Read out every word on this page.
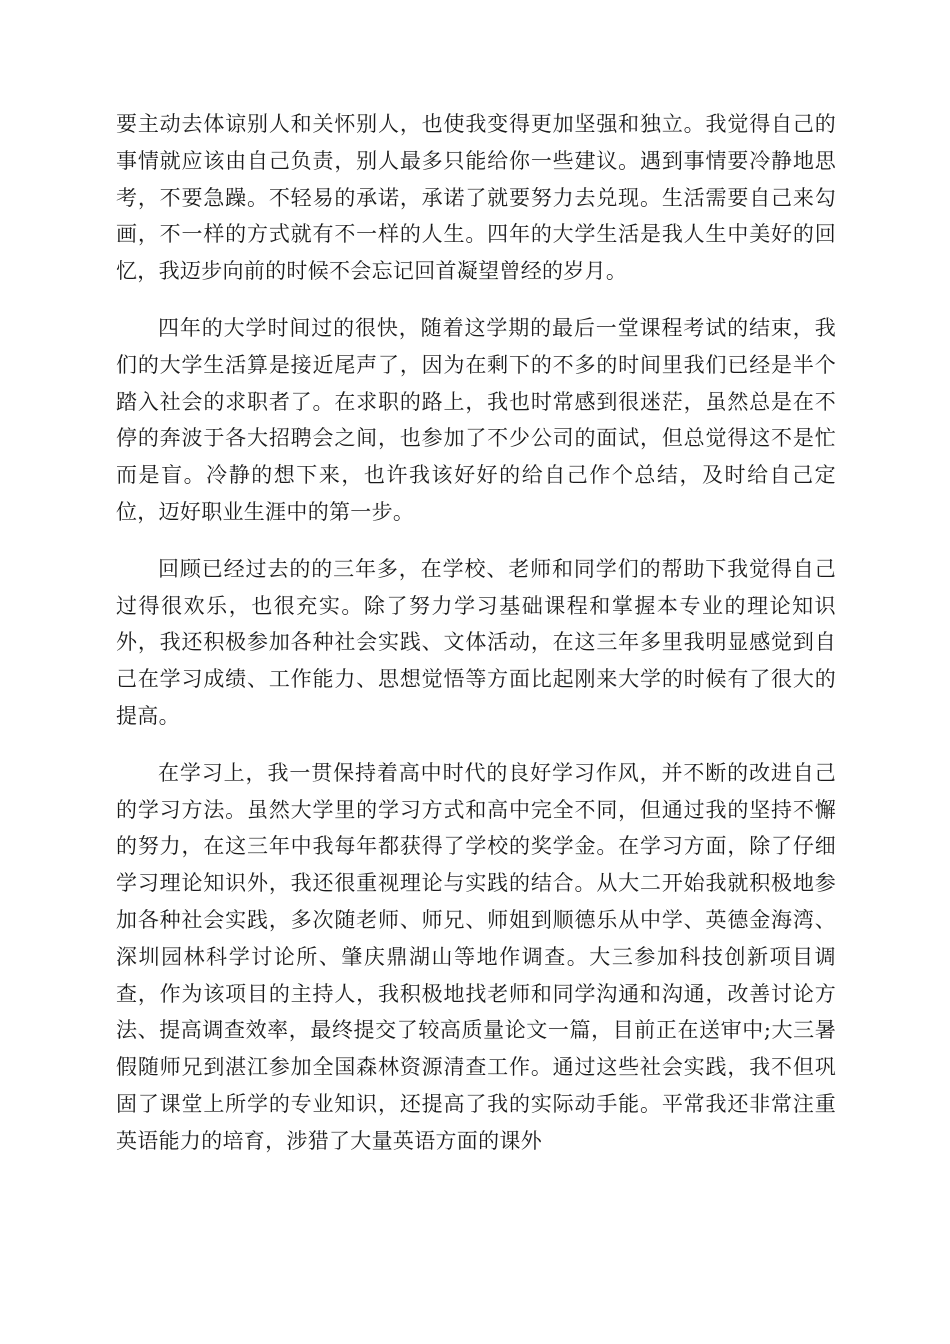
要主动去体谅别人和关怀别人，也使我变得更加坚强和独立。我觉得自己的事情就应该由自己负责，别人最多只能给你一些建议。遇到事情要冷静地思考，不要急躁。不轻易的承诺，承诺了就要努力去兑现。生活需要自己来勾画，不一样的方式就有不一样的人生。四年的大学生活是我人生中美好的回忆，我迈步向前的时候不会忘记回首凝望曾经的岁月。

四年的大学时间过的很快，随着这学期的最后一堂课程考试的结束，我们的大学生活算是接近尾声了，因为在剩下的不多的时间里我们已经是半个踏入社会的求职者了。在求职的路上，我也时常感到很迷茫，虽然总是在不停的奔波于各大招聘会之间，也参加了不少公司的面试，但总觉得这不是忙而是盲。冷静的想下来，也许我该好好的给自己作个总结，及时给自己定位，迈好职业生涯中的第一步。

回顾已经过去的的三年多，在学校、老师和同学们的帮助下我觉得自己过得很欢乐，也很充实。除了努力学习基础课程和掌握本专业的理论知识外，我还积极参加各种社会实践、文体活动，在这三年多里我明显感觉到自己在学习成绩、工作能力、思想觉悟等方面比起刚来大学的时候有了很大的提高。

在学习上，我一贯保持着高中时代的良好学习作风，并不断的改进自己的学习方法。虽然大学里的学习方式和高中完全不同，但通过我的坚持不懈的努力，在这三年中我每年都获得了学校的奖学金。在学习方面，除了仔细学习理论知识外，我还很重视理论与实践的结合。从大二开始我就积极地参加各种社会实践，多次随老师、师兄、师姐到顺德乐从中学、英德金海湾、深圳园林科学讨论所、肇庆鼎湖山等地作调查。大三参加科技创新项目调查，作为该项目的主持人，我积极地找老师和同学沟通和沟通，改善讨论方法、提高调查效率，最终提交了较高质量论文一篇，目前正在送审中;大三暑假随师兄到湛江参加全国森林资源清查工作。通过这些社会实践，我不但巩固了课堂上所学的专业知识，还提高了我的实际动手能。平常我还非常注重英语能力的培育，涉猎了大量英语方面的课外
